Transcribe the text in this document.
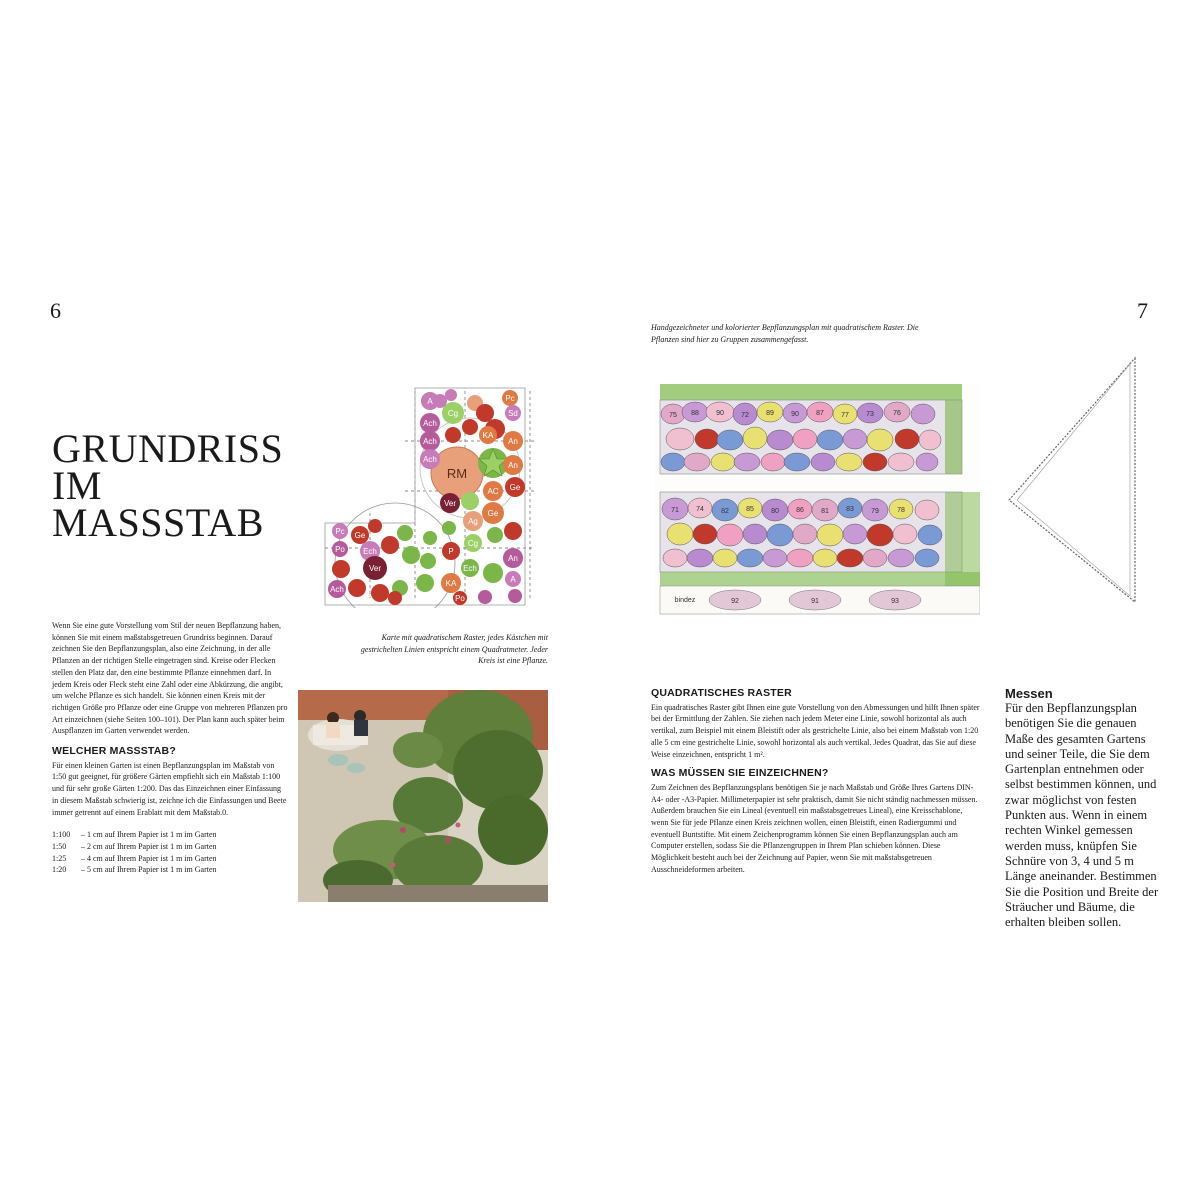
6
GRUNDRISS
IM
MASSSTAB
RM
A
Ach
Ach
Ach
Cg
KA
Pc
Sd
An
An
Ge
AC
Ge
Ver
Ag
P
Cg
An
A
Ech
KA
Po
Pc
Po
Ge
Ech
Ver
Ach
Karte mit quadratischem Raster, jedes Kästchen mit gestrichelten Linien entspricht einem Quadratmeter. Jeder Kreis ist eine Pflanze.

Wenn Sie eine gute Vorstellung vom Stil der neuen Bepflanzung haben, können Sie mit einem maßstabsgetreuen Grundriss beginnen. Darauf zeichnen Sie den Bepflanzungsplan, also eine Zeichnung, in der alle Pflanzen an der richtigen Stelle eingetragen sind. Kreise oder Flecken stellen den Platz dar, den eine bestimmte Pflanze einnehmen darf. In jedem Kreis oder Fleck steht eine Zahl oder eine Abkürzung, die angibt, um welche Pflanze es sich handelt. Sie können einen Kreis mit der richtigen Größe pro Pflanze oder eine Gruppe von mehreren Pflanzen pro Art einzeichnen (siehe Seiten 100–101). Der Plan kann auch später beim Auspflanzen im Garten verwendet werden.

WELCHER MASSSTAB?

Für einen kleinen Garten ist einen Bepflanzungsplan im Maßstab von 1:50 gut geeignet, für größere Gärten empfiehlt sich ein Maßstab 1:100 und für sehr große Gärten 1:200. Das das Einzeichnen einer Einfassung in diesem Maßstab schwierig ist, zeichne ich die Einfassungen und Beete immer getrennt auf einem Erablatt mit dem Maßstab.0.

1:100	– 1 cm auf Ihrem Papier ist 1 m im Garten
1:50	– 2 cm auf Ihrem Papier ist 1 m im Garten
1:25	– 4 cm auf Ihrem Papier ist 1 m im Garten
1:20	– 5 cm auf Ihrem Papier ist 1 m im Garten
7
Handgezeichneter und kolorierter Bepflanzungsplan mit quadratischem Raster. Die Pflanzen sind hier zu Gruppen zusammengefasst.
75 88 90 72 89 90 87 77 73	76
71 74 82 85 80 86 81 83 79	78
bindez	92	91	93
QUADRATISCHES RASTER

Ein quadratisches Raster gibt Ihnen eine gute Vorstellung von den Abmessungen und hilft Ihnen später bei der Ermittlung der Zahlen. Sie ziehen nach jedem Meter eine Linie, sowohl horizontal als auch vertikal, zum Beispiel mit einem Bleistift oder als gestrichelte Linie, also bei einem Maßstab von 1:20 alle 5 cm eine gestrichelte Linie, sowohl horizontal als auch vertikal. Jedes Quadrat, das Sie auf diese Weise einzeichnen, entspricht 1 m².

WAS MÜSSEN SIE EINZEICHNEN?

Zum Zeichnen des Bepflanzungsplans benötigen Sie je nach Maßstab und Größe Ihres Gartens DIN-A4- oder -A3-Papier. Millimeterpapier ist sehr praktisch, damit Sie nicht ständig nachmessen müssen. Außerdem brauchen Sie ein Lineal (eventuell ein maßstabsgetreues Lineal), eine Kreisschablone, wenn Sie für jede Pflanze einen Kreis zeichnen wollen, einen Bleistift, einen Radiergummi und eventuell Buntstifte. Mit einem Zeichenprogramm können Sie einen Bepflanzungsplan auch am Computer erstellen, sodass Sie die Pflanzengruppen in Ihrem Plan schieben können. Diese Möglichkeit besteht auch bei der Zeichnung auf Papier, wenn Sie mit maßstabsgetreuen Ausschneideformen arbeiten.

Messen
Für den Bepflanzungsplan benötigen Sie die genauen Maße des gesamten Gartens und seiner Teile, die Sie dem Gartenplan entnehmen oder selbst bestimmen können, und zwar möglichst von festen Punkten aus. Wenn in einem rechten Winkel gemessen werden muss, knüpfen Sie Schnüre von 3, 4 und 5 m Länge aneinander. Bestimmen Sie die Position und Breite der Sträucher und Bäume, die erhalten bleiben sollen.
